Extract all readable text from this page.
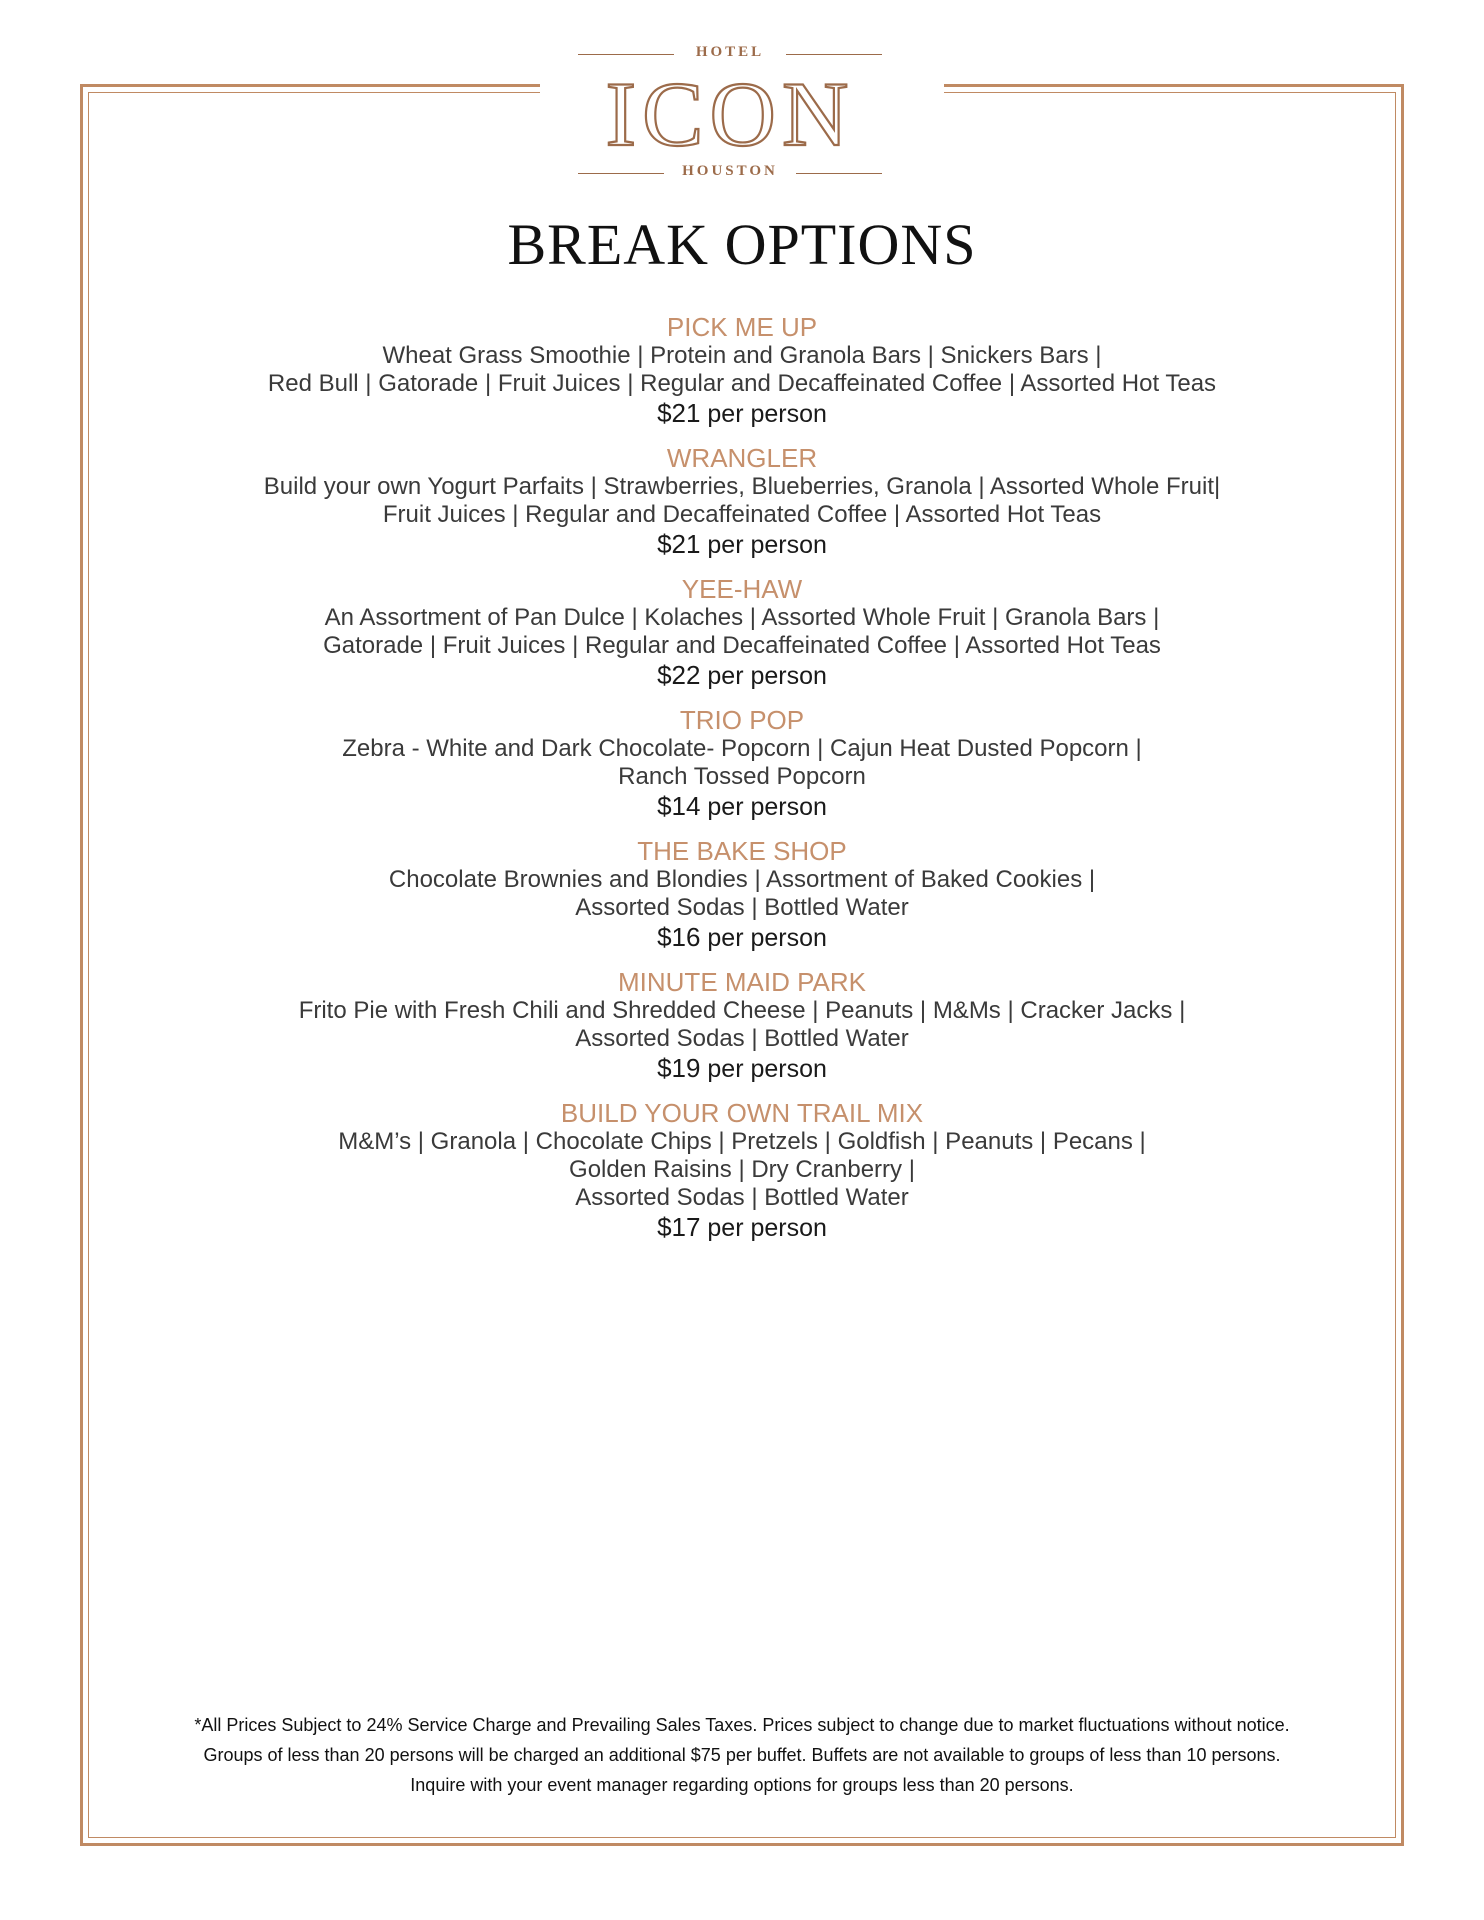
HOTEL
ICON
HOUSTON
BREAK OPTIONS
PICK ME UP
Wheat Grass Smoothie | Protein and Granola Bars | Snickers Bars |
Red Bull | Gatorade | Fruit Juices | Regular and Decaffeinated Coffee | Assorted Hot Teas
$21 per person
WRANGLER
Build your own Yogurt Parfaits | Strawberries, Blueberries, Granola | Assorted Whole Fruit|
Fruit Juices | Regular and Decaffeinated Coffee | Assorted Hot Teas
$21 per person
YEE-HAW
An Assortment of Pan Dulce | Kolaches | Assorted Whole Fruit | Granola Bars |
Gatorade | Fruit Juices | Regular and Decaffeinated Coffee | Assorted Hot Teas
$22 per person
TRIO POP
Zebra - White and Dark Chocolate- Popcorn | Cajun Heat Dusted Popcorn |
Ranch Tossed Popcorn
$14 per person
THE BAKE SHOP
Chocolate Brownies and Blondies | Assortment of Baked Cookies |
Assorted Sodas | Bottled Water
$16 per person
MINUTE MAID PARK
Frito Pie with Fresh Chili and Shredded Cheese | Peanuts | M&Ms | Cracker Jacks |
Assorted Sodas | Bottled Water
$19 per person
BUILD YOUR OWN TRAIL MIX
M&M’s | Granola | Chocolate Chips | Pretzels | Goldfish | Peanuts | Pecans |
Golden Raisins | Dry Cranberry |
Assorted Sodas | Bottled Water
$17 per person
*All Prices Subject to 24% Service Charge and Prevailing Sales Taxes. Prices subject to change due to market fluctuations without notice.
Groups of less than 20 persons will be charged an additional $75 per buffet. Buffets are not available to groups of less than 10 persons.
Inquire with your event manager regarding options for groups less than 20 persons.
